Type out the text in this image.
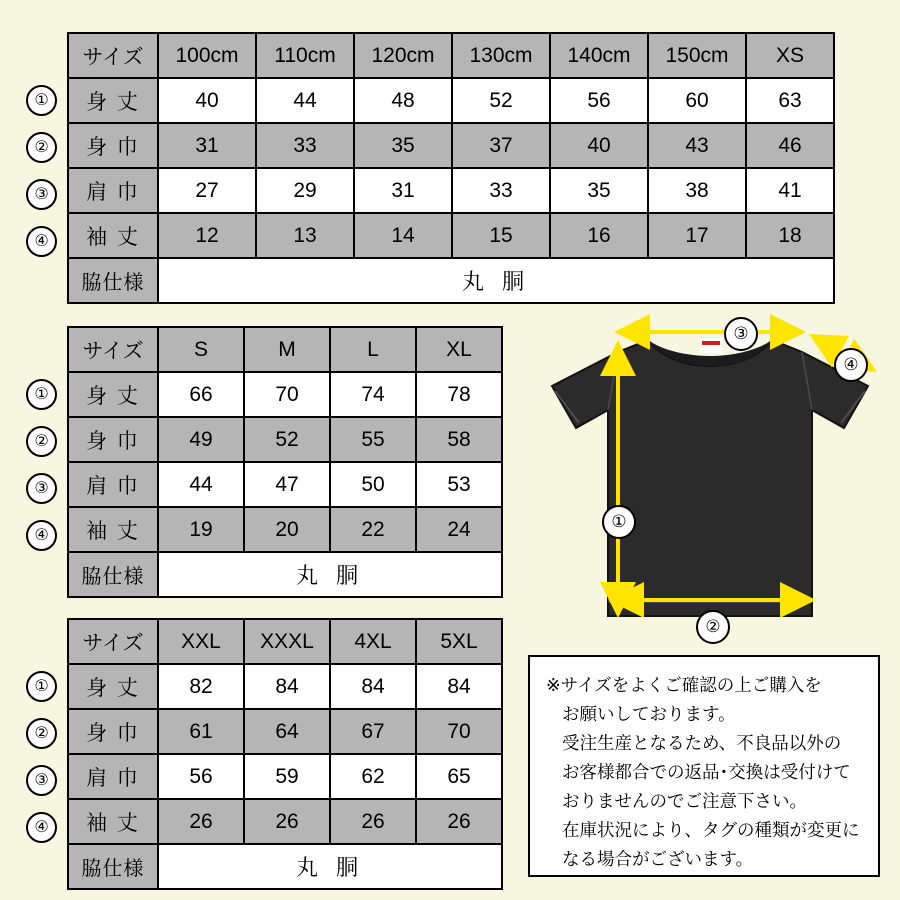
①
②
③
④
サイズ	100cm	110cm	120cm	130cm	140cm	150cm	XS
身 丈	40	44	48	52	56	60	63
身 巾	31	33	35	37	40	43	46
肩 巾	27	29	31	33	35	38	41
袖 丈	12	13	14	15	16	17	18
脇仕様	丸 胴						
①
②
③
④
サイズ	S	M	L	XL
身 丈	66	70	74	78
身 巾	49	52	55	58
肩 巾	44	47	50	53
袖 丈	19	20	22	24
脇仕様	丸 胴			
①
②
③
④
サイズ	XXL	XXXL	4XL	5XL
身 丈	82	84	84	84
身 巾	61	64	67	70
肩 巾	56	59	62	65
袖 丈	26	26	26	26
脇仕様	丸 胴			
③
④
①
②
※サイズをよくご確認の上ご購入を
お願いしております。
受注生産となるため、不良品以外の
お客様都合での返品･交換は受付けて
おりませんのでご注意下さい。
在庫状況により、タグの種類が変更に
なる場合がございます。
